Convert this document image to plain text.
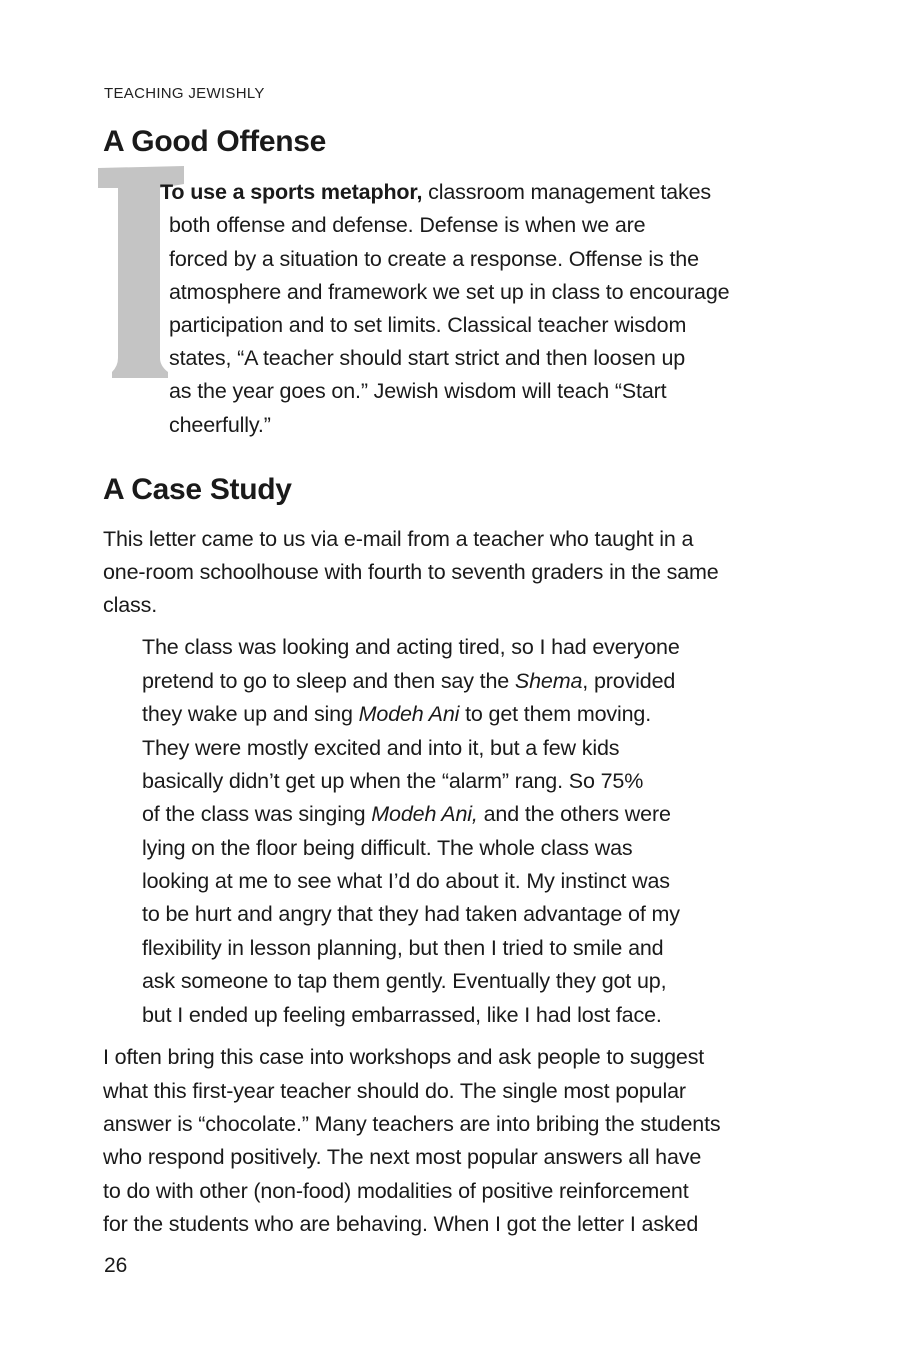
TEACHING JEWISHLY
A Good Offense
To use a sports metaphor, classroom management takes
both offense and defense. Defense is when we are
forced by a situation to create a response. Offense is the
atmosphere and framework we set up in class to encourage
participation and to set limits. Classical teacher wisdom
states, “A teacher should start strict and then loosen up
as the year goes on.” Jewish wisdom will teach “Start
cheerfully.”
A Case Study
This letter came to us via e-mail from a teacher who taught in a
one-room schoolhouse with fourth to seventh graders in the same
class.
The class was looking and acting tired, so I had everyone
pretend to go to sleep and then say the Shema, provided
they wake up and sing Modeh Ani to get them moving.
They were mostly excited and into it, but a few kids
basically didn’t get up when the “alarm” rang. So 75%
of the class was singing Modeh Ani, and the others were
lying on the floor being difficult. The whole class was
looking at me to see what I’d do about it. My instinct was
to be hurt and angry that they had taken advantage of my
flexibility in lesson planning, but then I tried to smile and
ask someone to tap them gently. Eventually they got up,
but I ended up feeling embarrassed, like I had lost face.
I often bring this case into workshops and ask people to suggest
what this first-year teacher should do. The single most popular
answer is “chocolate.” Many teachers are into bribing the students
who respond positively. The next most popular answers all have
to do with other (non-food) modalities of positive reinforcement
for the students who are behaving. When I got the letter I asked
26
